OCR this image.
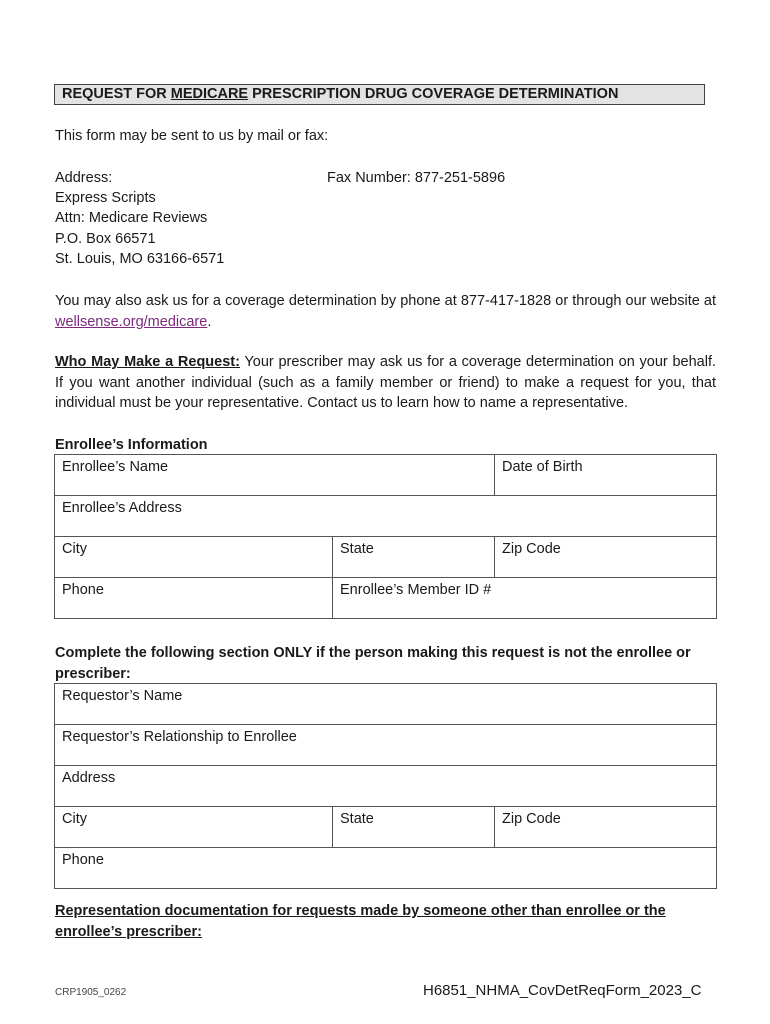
REQUEST FOR MEDICARE PRESCRIPTION DRUG COVERAGE DETERMINATION
This form may be sent to us by mail or fax:
Address:	Fax Number: 877-251-5896
Express Scripts
Attn: Medicare Reviews
P.O. Box 66571
St. Louis, MO 63166-6571
You may also ask us for a coverage determination by phone at 877-417-1828 or through our website at wellsense.org/medicare.
Who May Make a Request: Your prescriber may ask us for a coverage determination on your behalf. If you want another individual (such as a family member or friend) to make a request for you, that individual must be your representative. Contact us to learn how to name a representative.
Enrollee’s Information
Enrollee’s Name		Date of Birth
Enrollee’s Address		
City	State	Zip Code
Phone	Enrollee’s Member ID #	
Complete the following section ONLY if the person making this request is not the enrollee or prescriber:
Requestor’s Name
Requestor’s Relationship to Enrollee
Address
City	State	Zip Code
Phone
Representation documentation for requests made by someone other than enrollee or the enrollee’s prescriber:
CRP1905_0262	H6851_NHMA_CovDetReqForm_2023_C
